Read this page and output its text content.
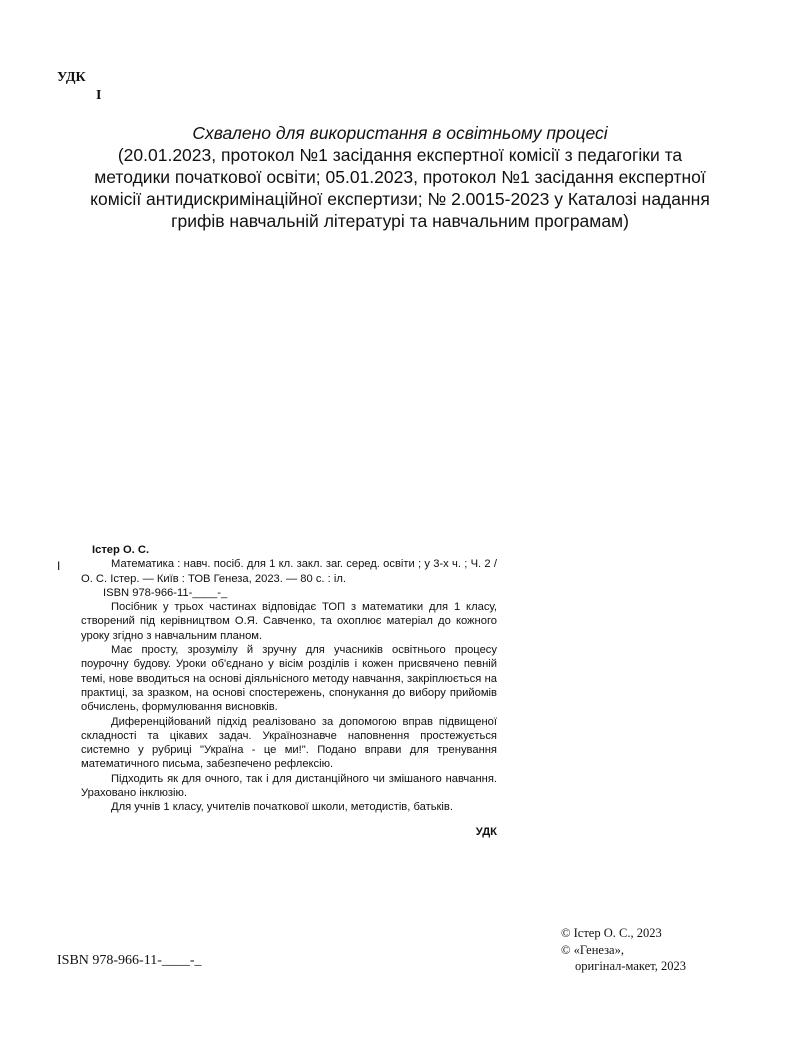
УДК
І
Схвалено для використання в освітньому процесі
(20.01.2023, протокол №1 засідання експертної комісії з педагогіки та
методики початкової освіти; 05.01.2023, протокол №1 засідання експертної
комісії антидискримінаційної експертизи; № 2.0015-2023 у Каталозі надання
грифів навчальній літературі та навчальним програмам)
Істер О. С.
І	Математика : навч. посіб. для 1 кл. закл. заг. серед. освіти ; у 3-х ч. ; Ч. 2 / О. С. Істер. — Київ : ТОВ Генеза, 2023. — 80 с. : іл.

ISBN 978-966-11-____-_

Посібник у трьох частинах відповідає ТОП з математики для 1 класу, створений під керівництвом О.Я. Савченко, та охоплює матеріал до кожного уроку згідно з навчальним планом.

Має просту, зрозумілу й зручну для учасників освітнього процесу поурочну будову. Уроки об'єднано у вісім розділів і кожен присвячено певній темі, нове вводиться на основі діяльнісного методу навчання, закріплюється на практиці, за зразком, на основі спостережень, спонукання до вибору прийомів обчислень, формулювання висновків.

Диференційований підхід реалізовано за допомогою вправ підвищеної складності та цікавих задач. Українознавче наповнення простежується системно у рубриці "Україна - це ми!". Подано вправи для тренування математичного письма, забезпечено рефлексію.

Підходить як для очного, так і для дистанційного чи змішаного навчання. Ураховано інклюзію.

Для учнів 1 класу, учителів початкової школи, методистів, батьків.

УДК
ISBN 978-966-11-____-_
© Істер О. С., 2023
© «Генеза»,
оригінал-макет, 2023
